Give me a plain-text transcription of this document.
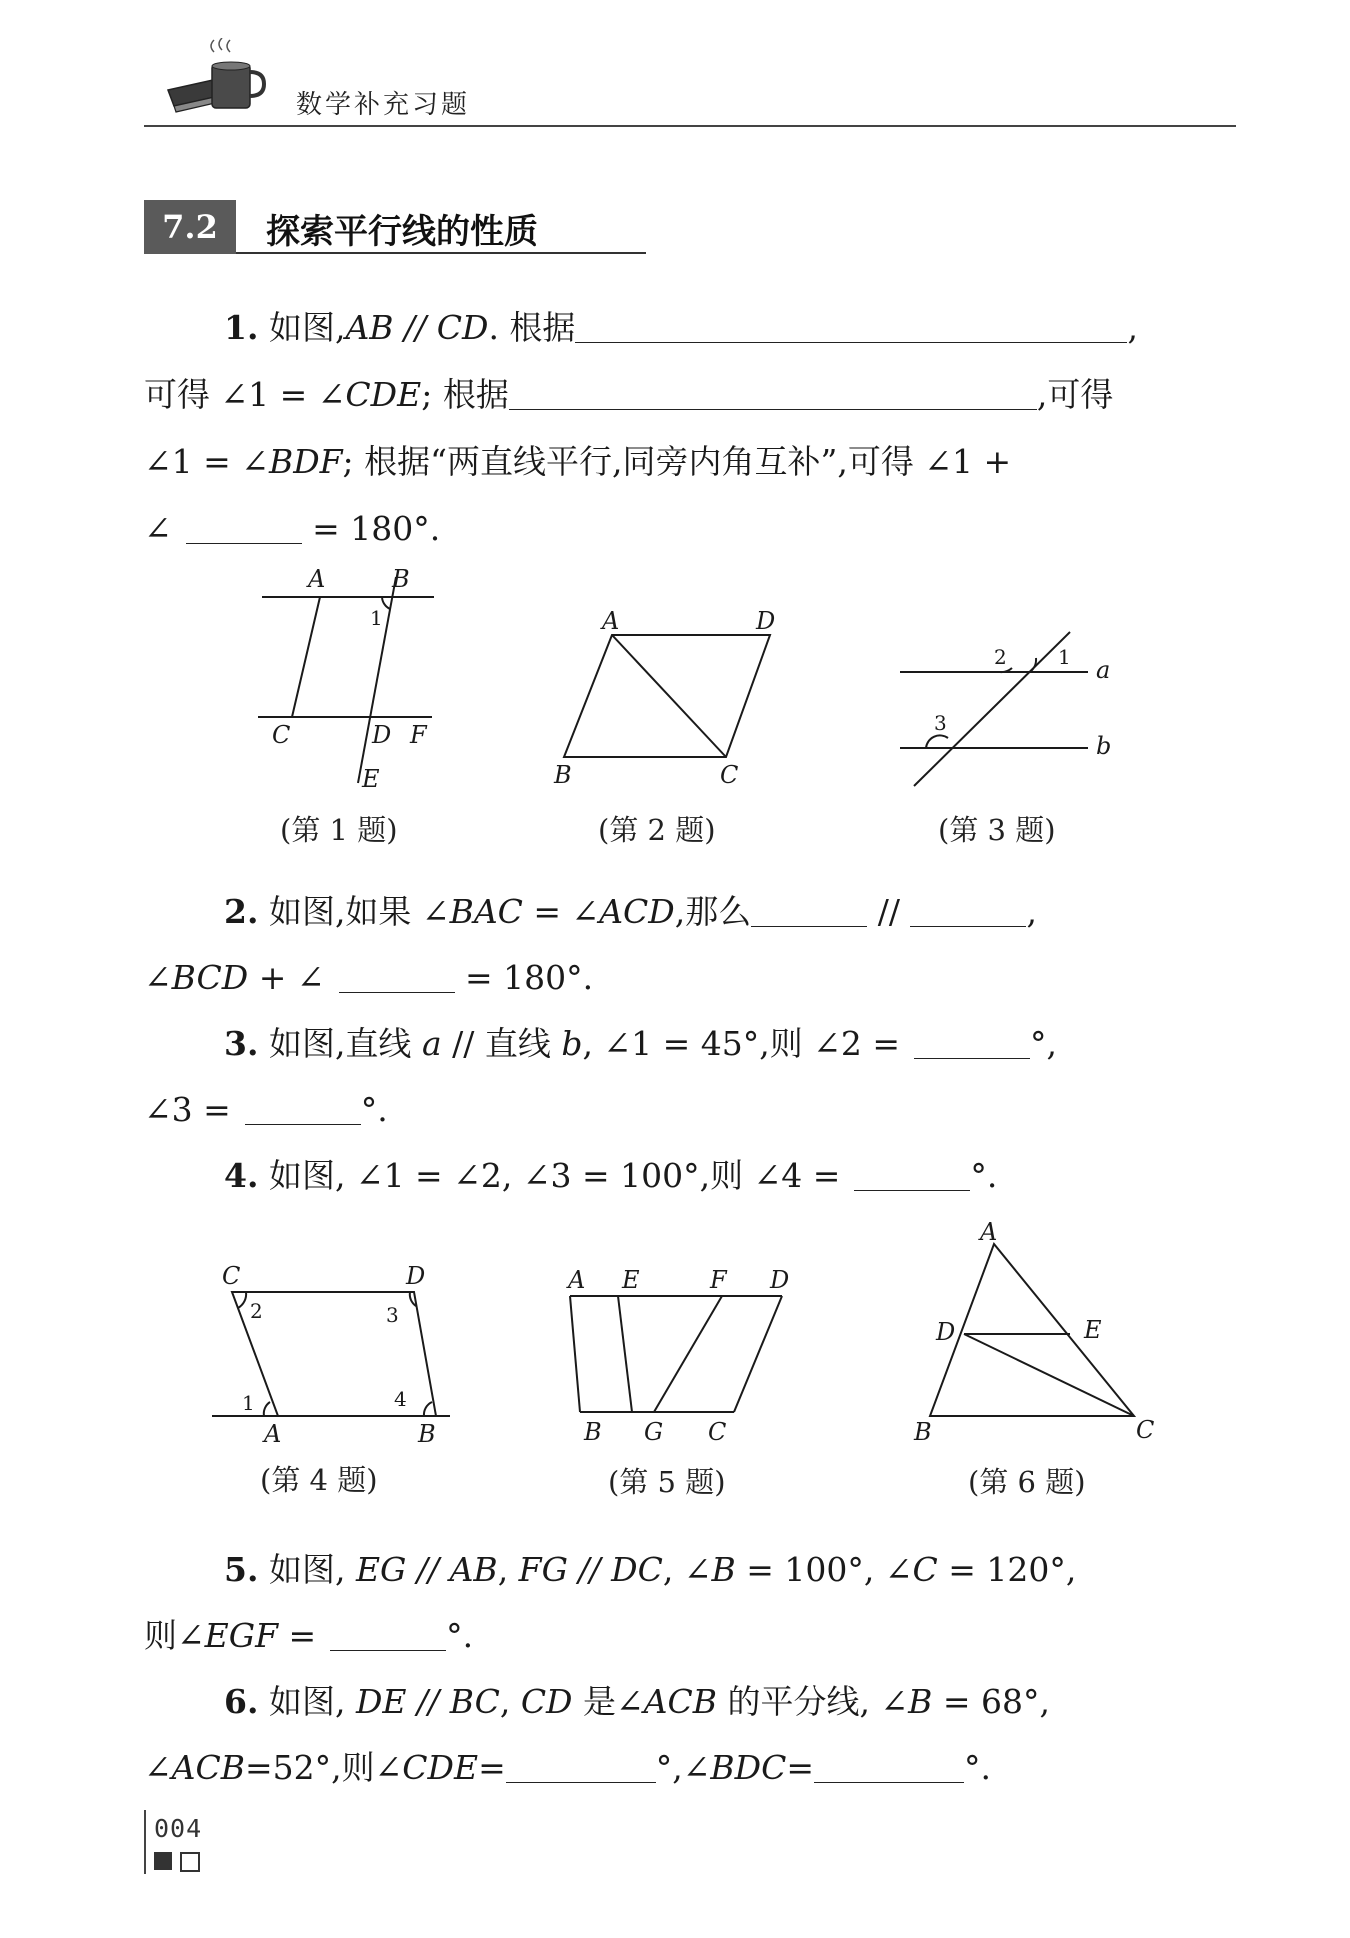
数学补充习题
7.2	探索平行线的性质
1. 如图,AB // CD. 根据	,
可得 ∠1 = ∠CDE; 根据	,可得
∠1 = ∠BDF; 根据“两直线平行,同旁内角互补”,可得 ∠1 +
∠	= 180°.
A	B
1
C	D F
E
(第 1 题)
A	D
B	C
(第 2 题)
1
2
3
a
b
(第 3 题)
2. 如图,如果 ∠BAC = ∠ACD,那么	//	,
∠BCD + ∠	= 180°.
3. 如图,直线 a // 直线 b, ∠1 = 45°,则 ∠2 =	°,
∠3 =	°.
4. 如图, ∠1 = ∠2, ∠3 = 100°,则 ∠4 =	°.
C	D
2	3
1	4
A	B
(第 4 题)
A E	F D
B G C
(第 5 题)
A
D	E
B	C
(第 6 题)
5. 如图, EG // AB, FG // DC, ∠B = 100°, ∠C = 120°,
则∠EGF =	°.
6. 如图, DE // BC, CD 是∠ACB 的平分线, ∠B = 68°,
∠ACB=52°,则∠CDE=	°,∠BDC=	°.
004
